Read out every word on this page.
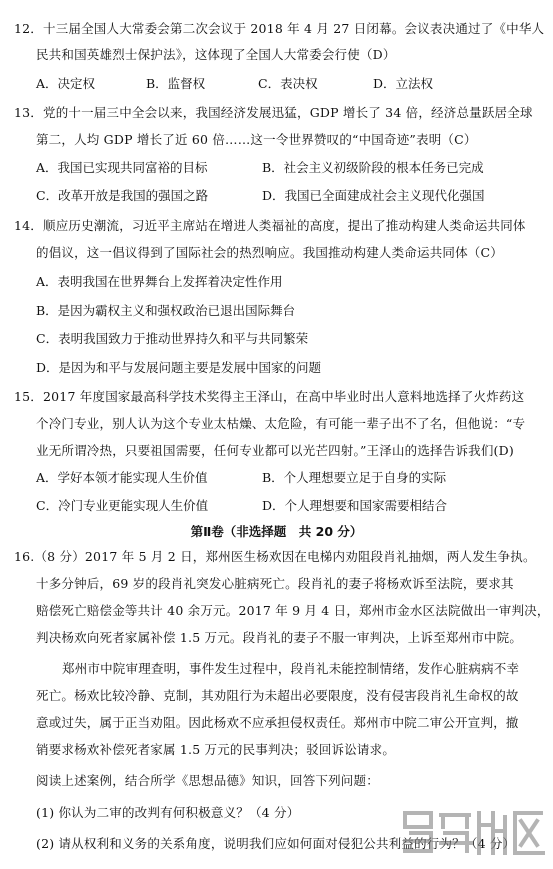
12．十三届全国人大常委会第二次会议于 2018 年 4 月 27 日闭幕。会议表决通过了《中华人
民共和国英雄烈士保护法》，这体现了全国人大常委会行使（D）
A．决定权	B．监督权	C．表决权	D．立法权
13．党的十一届三中全会以来，我国经济发展迅猛，GDP 增长了 34 倍，经济总量跃居全球
第二，人均 GDP 增长了近 60 倍……这一令世界赞叹的“中国奇迹”表明（C）
A．我国已实现共同富裕的目标	B．社会主义初级阶段的根本任务已完成
C．改革开放是我国的强国之路	D．我国已全面建成社会主义现代化强国
14．顺应历史潮流，习近平主席站在增进人类福祉的高度，提出了推动构建人类命运共同体
的倡议，这一倡议得到了国际社会的热烈响应。我国推动构建人类命运共同体（C）
A．表明我国在世界舞台上发挥着决定性作用
B．是因为霸权主义和强权政治已退出国际舞台
C．表明我国致力于推动世界持久和平与共同繁荣
D．是因为和平与发展问题主要是发展中国家的问题
15．2017 年度国家最高科学技术奖得主王泽山，在高中毕业时出人意料地选择了火炸药这
个冷门专业，别人认为这个专业太枯燥、太危险，有可能一辈子出不了名，但他说：“专
业无所谓冷热，只要祖国需要，任何专业都可以光芒四射。”王泽山的选择告诉我们(D)
A．学好本领才能实现人生价值	B．个人理想要立足于自身的实际
C．冷门专业更能实现人生价值	D．个人理想要和国家需要相结合
第Ⅱ卷（非选择题　共 20 分）
16.（8 分）2017 年 5 月 2 日，郑州医生杨欢因在电梯内劝阻段肖礼抽烟，两人发生争执。
十多分钟后，69 岁的段肖礼突发心脏病死亡。段肖礼的妻子将杨欢诉至法院，要求其
赔偿死亡赔偿金等共计 40 余万元。2017 年 9 月 4 日，郑州市金水区法院做出一审判决，
判决杨欢向死者家属补偿 1.5 万元。段肖礼的妻子不服一审判决，上诉至郑州市中院。
郑州市中院审理查明，事件发生过程中，段肖礼未能控制情绪，发作心脏病病不幸
死亡。杨欢比较冷静、克制，其劝阻行为未超出必要限度，没有侵害段肖礼生命权的故
意或过失，属于正当劝阻。因此杨欢不应承担侵权责任。郑州市中院二审公开宣判，撤
销要求杨欢补偿死者家属 1.5 万元的民事判决；驳回诉讼请求。
阅读上述案例，结合所学《思想品德》知识，回答下列问题：
(1) 你认为二审的改判有何积极意义？（4 分）
(2) 请从权利和义务的关系角度，说明我们应如何面对侵犯公共利益的行为？（4 分）
